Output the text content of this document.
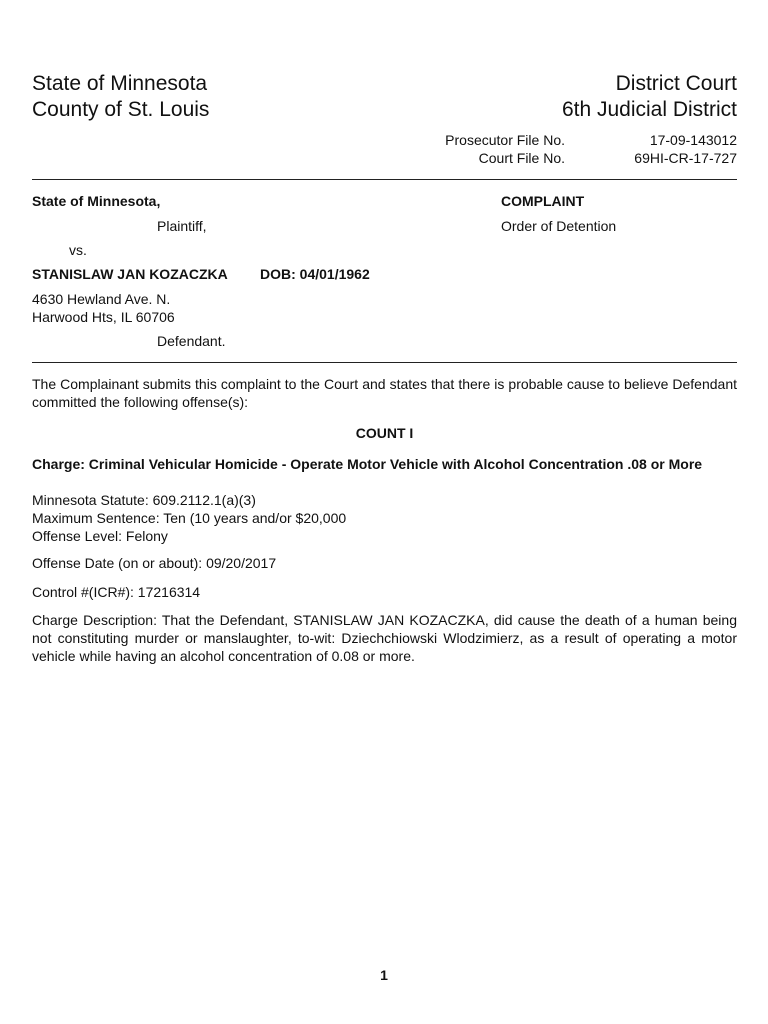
State of Minnesota
County of St. Louis
District Court
6th Judicial District
Prosecutor File No.	17-09-143012
Court File No.	69HI-CR-17-727
State of Minnesota,
Plaintiff,
vs.
STANISLAW JAN KOZACZKA DOB: 04/01/1962
4630 Hewland Ave. N.
Harwood Hts, IL 60706
Defendant.
COMPLAINT
Order of Detention
The Complainant submits this complaint to the Court and states that there is probable cause to believe Defendant committed the following offense(s):
COUNT I
Charge: Criminal Vehicular Homicide - Operate Motor Vehicle with Alcohol Concentration .08 or More
Minnesota Statute: 609.2112.1(a)(3)
Maximum Sentence: Ten (10 years and/or $20,000
Offense Level: Felony
Offense Date (on or about): 09/20/2017
Control #(ICR#): 17216314
Charge Description: That the Defendant, STANISLAW JAN KOZACZKA, did cause the death of a human being not constituting murder or manslaughter, to-wit: Dziechchiowski Wlodzimierz, as a result of operating a motor vehicle while having an alcohol concentration of 0.08 or more.
1
